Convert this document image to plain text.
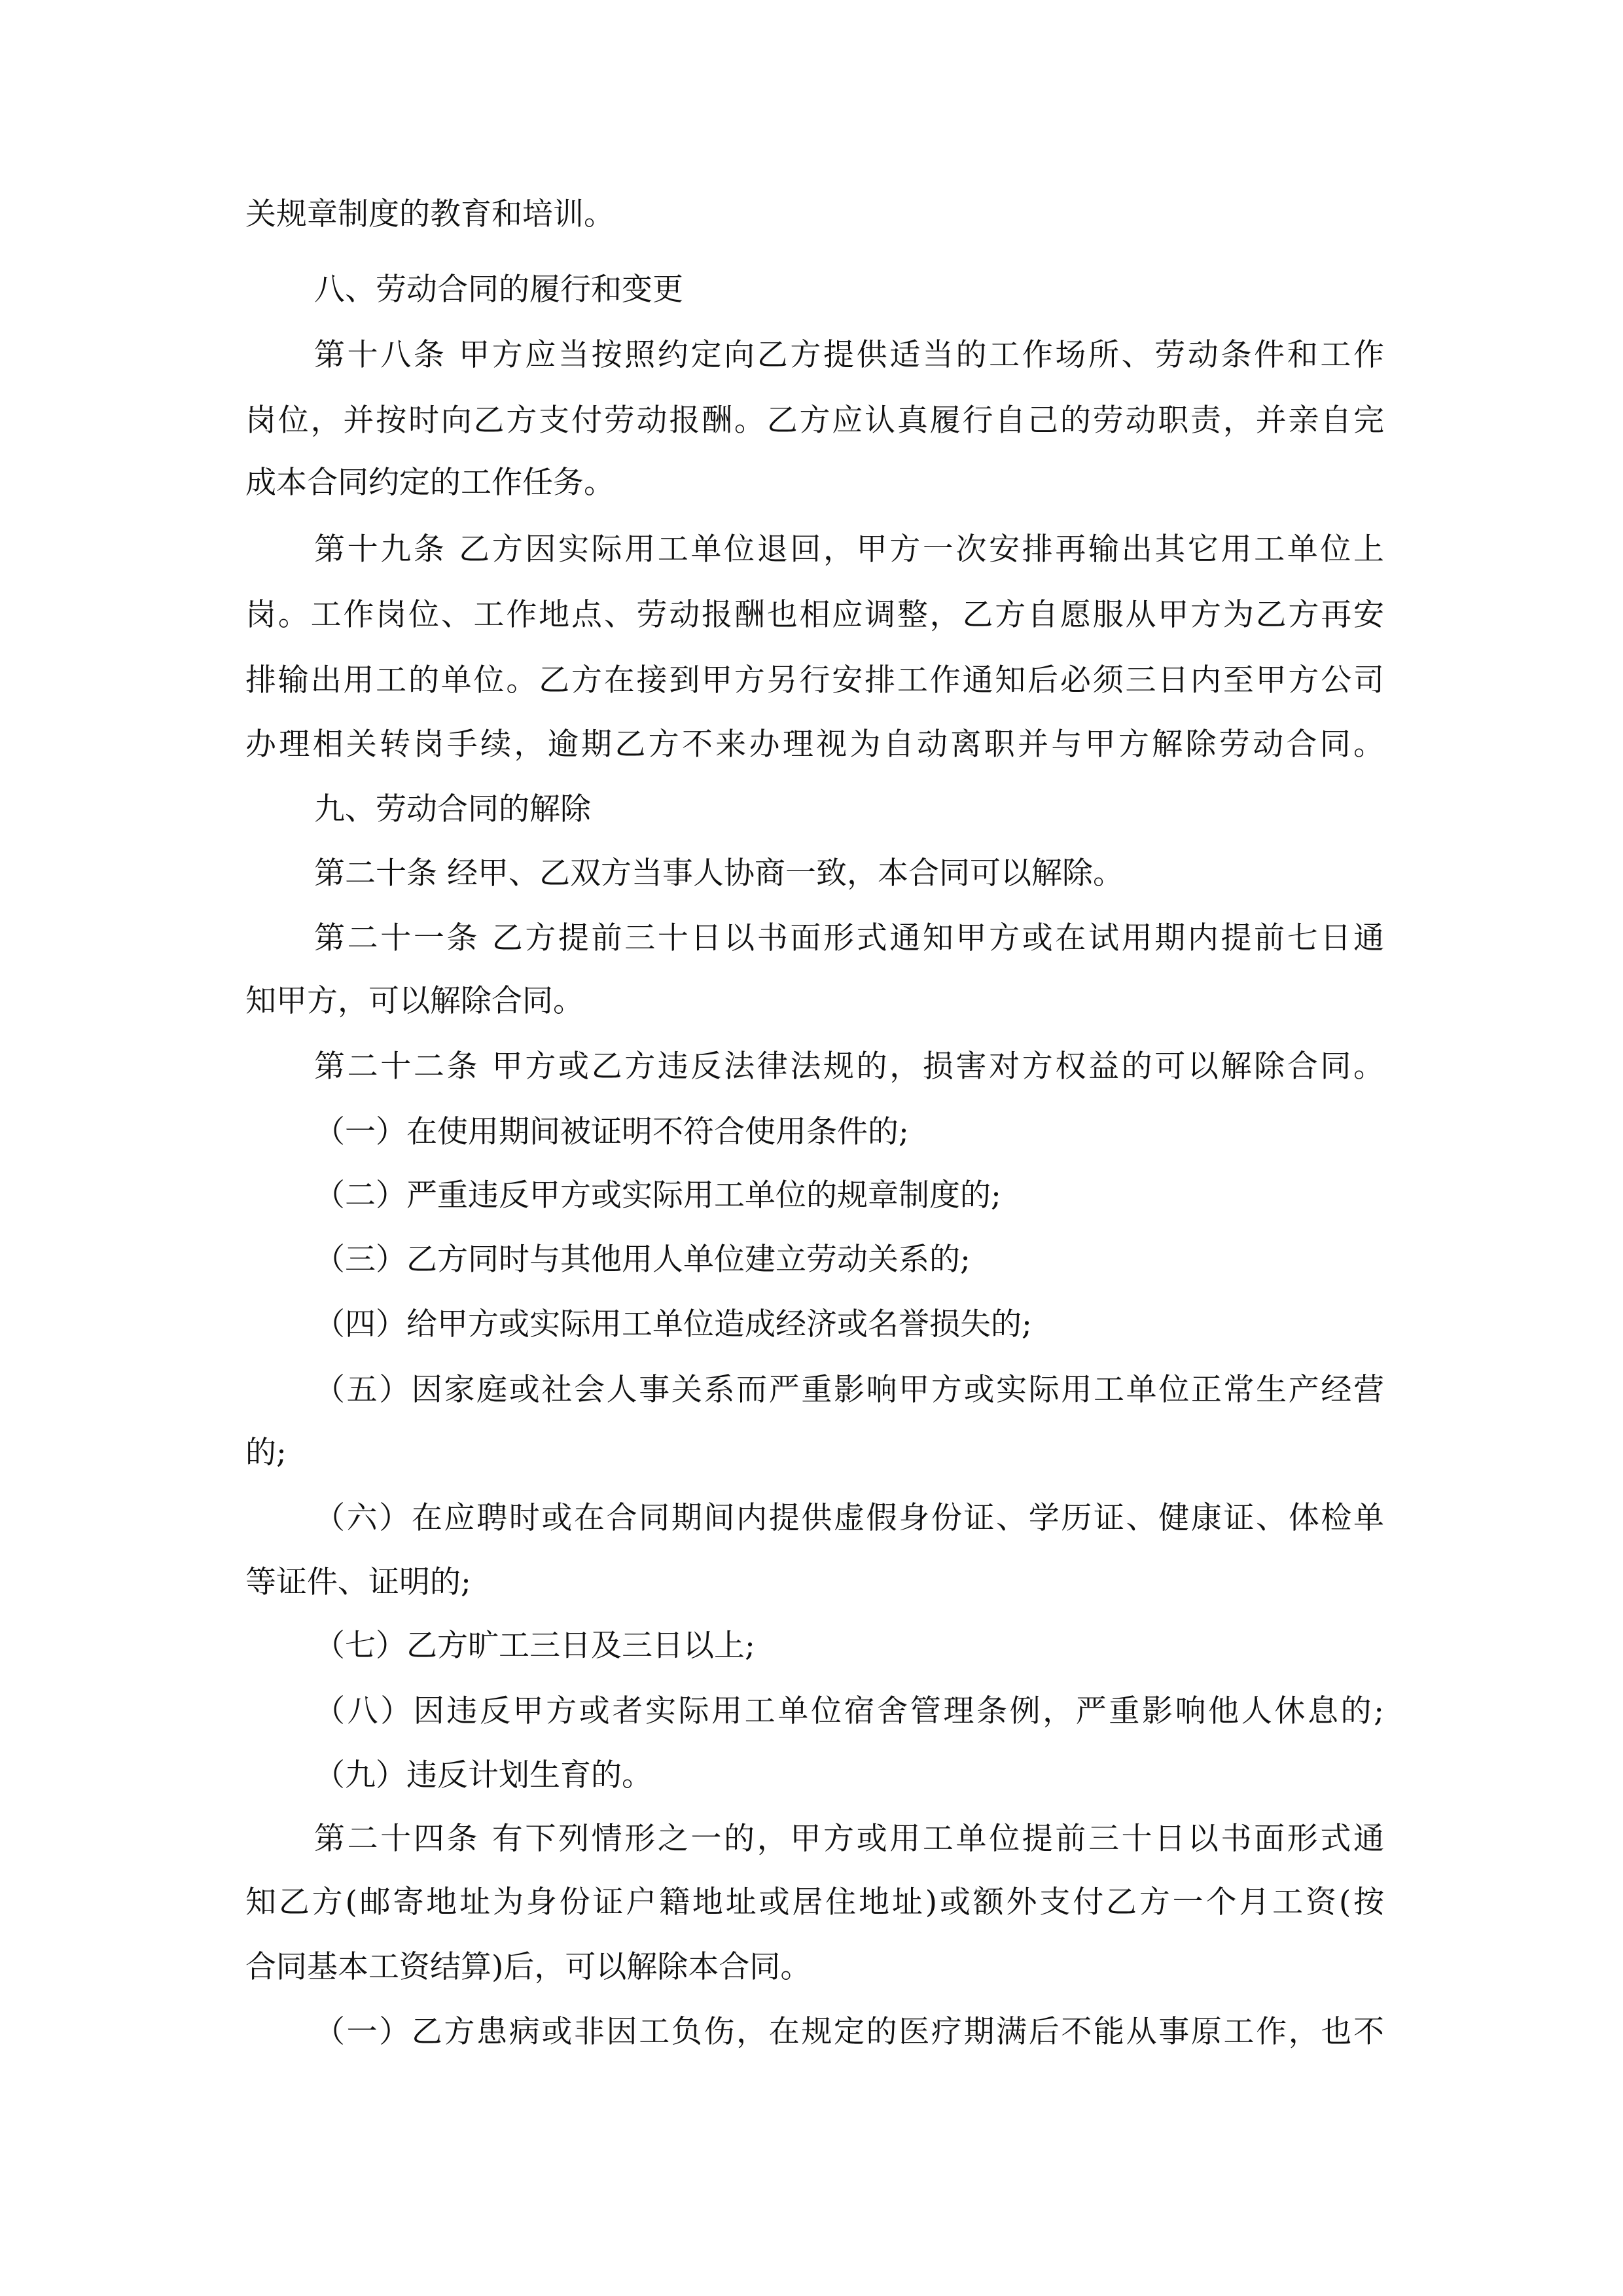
关规章制度的教育和培训。
八、劳动合同的履行和变更
第十八条 甲方应当按照约定向乙方提供适当的工作场所、劳动条件和工作
岗位，并按时向乙方支付劳动报酬。乙方应认真履行自己的劳动职责，并亲自完
成本合同约定的工作任务。
第十九条 乙方因实际用工单位退回，甲方一次安排再输出其它用工单位上
岗。工作岗位、工作地点、劳动报酬也相应调整，乙方自愿服从甲方为乙方再安
排输出用工的单位。乙方在接到甲方另行安排工作通知后必须三日内至甲方公司
办理相关转岗手续，逾期乙方不来办理视为自动离职并与甲方解除劳动合同。
九、劳动合同的解除
第二十条 经甲、乙双方当事人协商一致，本合同可以解除。
第二十一条 乙方提前三十日以书面形式通知甲方或在试用期内提前七日通
知甲方，可以解除合同。
第二十二条 甲方或乙方违反法律法规的，损害对方权益的可以解除合同。
（一）在使用期间被证明不符合使用条件的;
（二）严重违反甲方或实际用工单位的规章制度的;
（三）乙方同时与其他用人单位建立劳动关系的;
（四）给甲方或实际用工单位造成经济或名誉损失的;
（五）因家庭或社会人事关系而严重影响甲方或实际用工单位正常生产经营
的;
（六）在应聘时或在合同期间内提供虚假身份证、学历证、健康证、体检单
等证件、证明的;
（七）乙方旷工三日及三日以上;
（八）因违反甲方或者实际用工单位宿舍管理条例，严重影响他人休息的;
（九）违反计划生育的。
第二十四条 有下列情形之一的，甲方或用工单位提前三十日以书面形式通
知乙方(邮寄地址为身份证户籍地址或居住地址)或额外支付乙方一个月工资(按
合同基本工资结算)后，可以解除本合同。
（一）乙方患病或非因工负伤，在规定的医疗期满后不能从事原工作，也不
